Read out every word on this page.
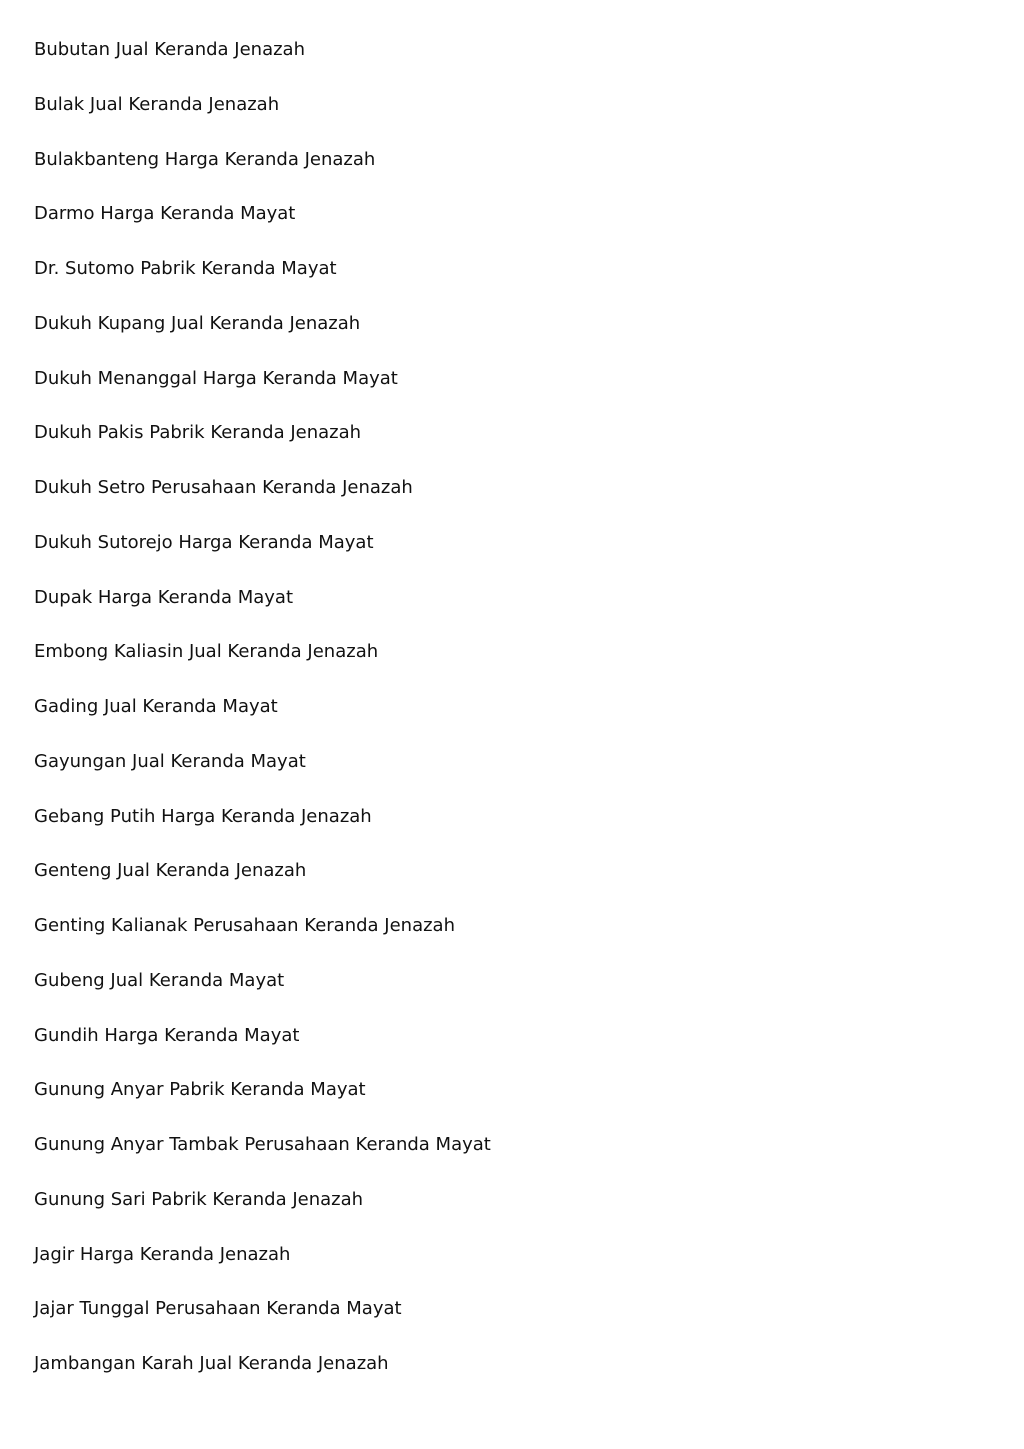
Bubutan Jual Keranda Jenazah
Bulak Jual Keranda Jenazah
Bulakbanteng Harga Keranda Jenazah
Darmo Harga Keranda Mayat
Dr. Sutomo Pabrik Keranda Mayat
Dukuh Kupang Jual Keranda Jenazah
Dukuh Menanggal Harga Keranda Mayat
Dukuh Pakis Pabrik Keranda Jenazah
Dukuh Setro Perusahaan Keranda Jenazah
Dukuh Sutorejo Harga Keranda Mayat
Dupak Harga Keranda Mayat
Embong Kaliasin Jual Keranda Jenazah
Gading Jual Keranda Mayat
Gayungan Jual Keranda Mayat
Gebang Putih Harga Keranda Jenazah
Genteng Jual Keranda Jenazah
Genting Kalianak Perusahaan Keranda Jenazah
Gubeng Jual Keranda Mayat
Gundih Harga Keranda Mayat
Gunung Anyar Pabrik Keranda Mayat
Gunung Anyar Tambak Perusahaan Keranda Mayat
Gunung Sari Pabrik Keranda Jenazah
Jagir Harga Keranda Jenazah
Jajar Tunggal Perusahaan Keranda Mayat
Jambangan Karah Jual Keranda Jenazah
